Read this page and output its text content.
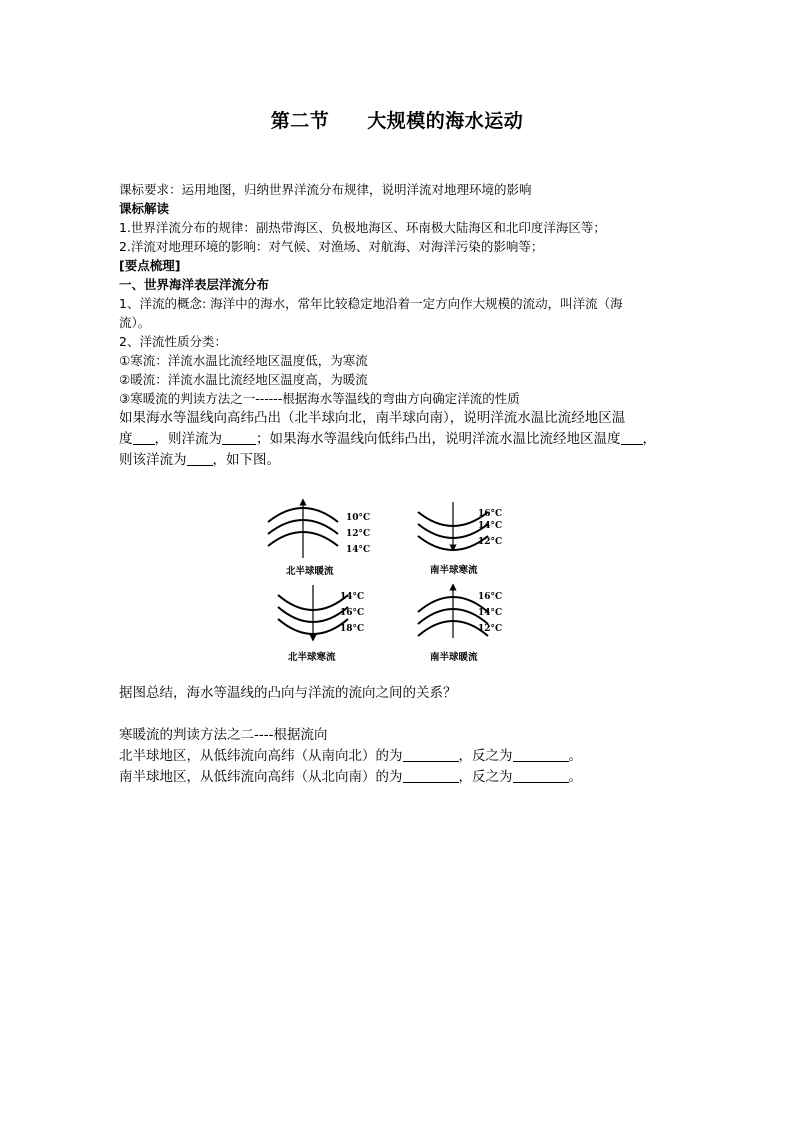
第二节 大规模的海水运动
课标要求：运用地图，归纳世界洋流分布规律，说明洋流对地理环境的影响
课标解读
1.世界洋流分布的规律：副热带海区、负极地海区、环南极大陆海区和北印度洋海区等；
2.洋流对地理环境的影响：对气候、对渔场、对航海、对海洋污染的影响等；
[要点梳理]
一、世界海洋表层洋流分布
1、洋流的概念: 海洋中的海水，常年比较稳定地沿着一定方向作大规模的流动，叫洋流（海
流）。
2、洋流性质分类：
①寒流：洋流水温比流经地区温度低，为寒流
②暖流：洋流水温比流经地区温度高，为暖流
③寒暖流的判读方法之一------根据海水等温线的弯曲方向确定洋流的性质
如果海水等温线向高纬凸出（北半球向北，南半球向南），说明洋流水温比流经地区温
度 ，则洋流为	；如果海水等温线向低纬凸出，说明洋流水温比流经地区温度 ，
则该洋流为 ，如下图。
10°C
12°C
14°C
16°C
14°C
12°C
14°C
16°C
18°C
16°C
14°C
12°C
北半球暖流	南半球寒流
北半球寒流	南半球暖流
据图总结，海水等温线的凸向与洋流的流向之间的关系？
寒暖流的判读方法之二----根据流向
北半球地区，从低纬流向高纬（从南向北）的为	，反之为	。
南半球地区，从低纬流向高纬（从北向南）的为	，反之为	。
